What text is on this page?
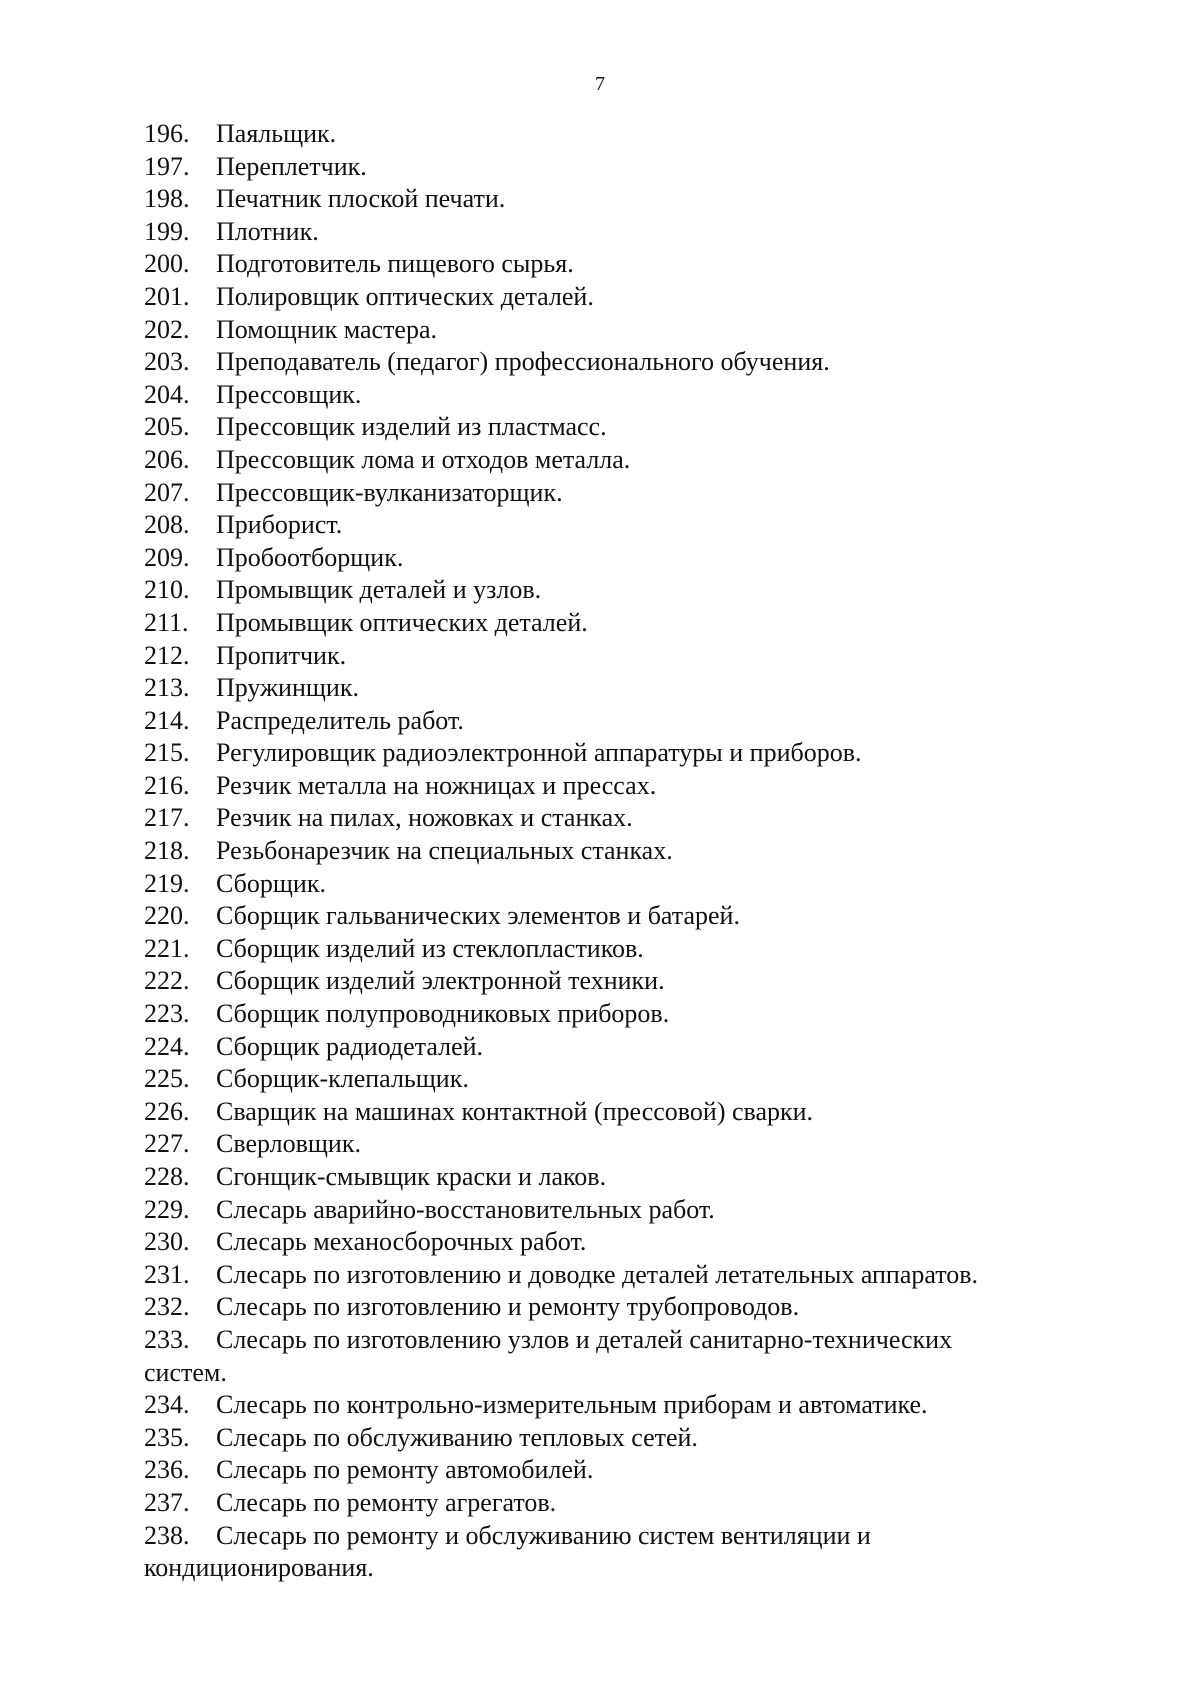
7
196. Паяльщик.
197. Переплетчик.
198. Печатник плоской печати.
199. Плотник.
200. Подготовитель пищевого сырья.
201. Полировщик оптических деталей.
202. Помощник мастера.
203. Преподаватель (педагог) профессионального обучения.
204. Прессовщик.
205. Прессовщик изделий из пластмасс.
206. Прессовщик лома и отходов металла.
207. Прессовщик-вулканизаторщик.
208. Приборист.
209. Пробоотборщик.
210. Промывщик деталей и узлов.
211. Промывщик оптических деталей.
212. Пропитчик.
213. Пружинщик.
214. Распределитель работ.
215. Регулировщик радиоэлектронной аппаратуры и приборов.
216. Резчик металла на ножницах и прессах.
217. Резчик на пилах, ножовках и станках.
218. Резьбонарезчик на специальных станках.
219. Сборщик.
220. Сборщик гальванических элементов и батарей.
221. Сборщик изделий из стеклопластиков.
222. Сборщик изделий электронной техники.
223. Сборщик полупроводниковых приборов.
224. Сборщик радиодеталей.
225. Сборщик-клепальщик.
226. Сварщик на машинах контактной (прессовой) сварки.
227. Сверловщик.
228. Сгонщик-смывщик краски и лаков.
229. Слесарь аварийно-восстановительных работ.
230. Слесарь механосборочных работ.
231. Слесарь по изготовлению и доводке деталей летательных аппаратов.
232. Слесарь по изготовлению и ремонту трубопроводов.
233. Слесарь по изготовлению узлов и деталей санитарно-технических
систем.
234. Слесарь по контрольно-измерительным приборам и автоматике.
235. Слесарь по обслуживанию тепловых сетей.
236. Слесарь по ремонту автомобилей.
237. Слесарь по ремонту агрегатов.
238. Слесарь по ремонту и обслуживанию систем вентиляции и
кондиционирования.
